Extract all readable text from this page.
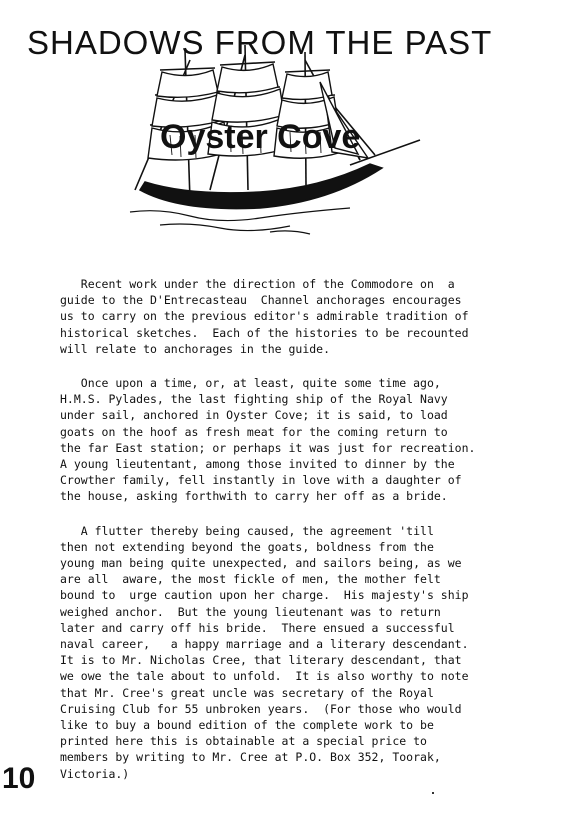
SHADOWS FROM THE PAST
Oyster Cove

Recent work under the direction of the Commodore on  a
guide to the D'Entrecasteau  Channel anchorages encourages
us to carry on the previous editor's admirable tradition of
historical sketches.  Each of the histories to be recounted
will relate to anchorages in the guide.

Once upon a time, or, at least, quite some time ago,
H.M.S. Pylades, the last fighting ship of the Royal Navy
under sail, anchored in Oyster Cove; it is said, to load
goats on the hoof as fresh meat for the coming return to
the far East station; or perhaps it was just for recreation.
A young lieutentant, among those invited to dinner by the
Crowther family, fell instantly in love with a daughter of
the house, asking forthwith to carry her off as a bride.

A flutter thereby being caused, the agreement 'till
then not extending beyond the goats, boldness from the
young man being quite unexpected, and sailors being, as we
are all  aware, the most fickle of men, the mother felt
bound to  urge caution upon her charge.  His majesty's ship
weighed anchor.  But the young lieutenant was to return
later and carry off his bride.  There ensued a successful
naval career,   a happy marriage and a literary descendant.
It is to Mr. Nicholas Cree, that literary descendant, that
we owe the tale about to unfold.  It is also worthy to note
that Mr. Cree's great uncle was secretary of the Royal
Cruising Club for 55 unbroken years.  (For those who would
like to buy a bound edition of the complete work to be
printed here this is obtainable at a special price to
members by writing to Mr. Cree at P.O. Box 352, Toorak,
Victoria.)

10
